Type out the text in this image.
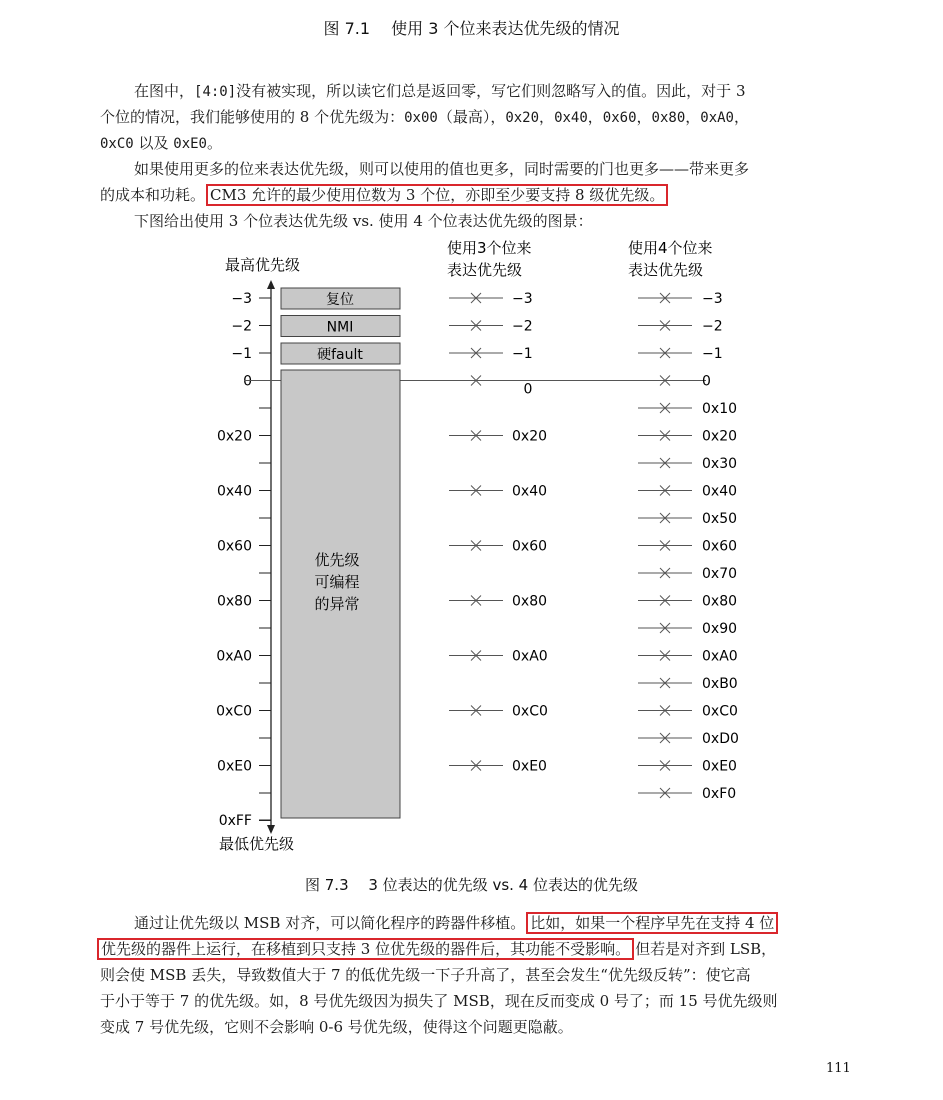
图 7.1　 使用 3 个位来表达优先级的情况
在图中，[4:0]没有被实现，所以读它们总是返回零，写它们则忽略写入的值。因此，对于 3
个位的情况，我们能够使用的 8 个优先级为：0x00（最高），0x20，0x40，0x60，0x80，0xA0，
0xC0 以及 0xE0。
如果使用更多的位来表达优先级，则可以使用的值也更多，同时需要的门也更多——带来更多
的成本和功耗。 CM3 允许的最少使用位数为 3 个位，亦即至少要支持 8 级优先级。
下图给出使用 3 个位表达优先级 vs. 使用 4 个位表达优先级的图景：
最高优先级
最低优先级
−3
−2
−1
0
0x20
0x40
0x60
0x80
0xA0
0xC0
0xE0
0xFF
复位
NMI
硬fault
优先级
可编程
的异常
使用3个位来
表达优先级
使用4个位来
表达优先级
−3
−2
−1
0
0x20
0x40
0x60
0x80
0xA0
0xC0
0xE0
−3
−2
−1
0
0x10
0x20
0x30
0x40
0x50
0x60
0x70
0x80
0x90
0xA0
0xB0
0xC0
0xD0
0xE0
0xF0
图 7.3　 3 位表达的优先级 vs. 4 位表达的优先级
通过让优先级以 MSB 对齐，可以简化程序的跨器件移植。 比如，如果一个程序早先在支持 4 位
优先级的器件上运行，在移植到只支持 3 位优先级的器件后，其功能不受影响。 但若是对齐到 LSB，
则会使 MSB 丢失，导致数值大于 7 的低优先级一下子升高了，甚至会发生“优先级反转”：使它高
于小于等于 7 的优先级。如，8 号优先级因为损失了 MSB，现在反而变成 0 号了；而 15 号优先级则
变成 7 号优先级，它则不会影响 0-6 号优先级，使得这个问题更隐蔽。
111
